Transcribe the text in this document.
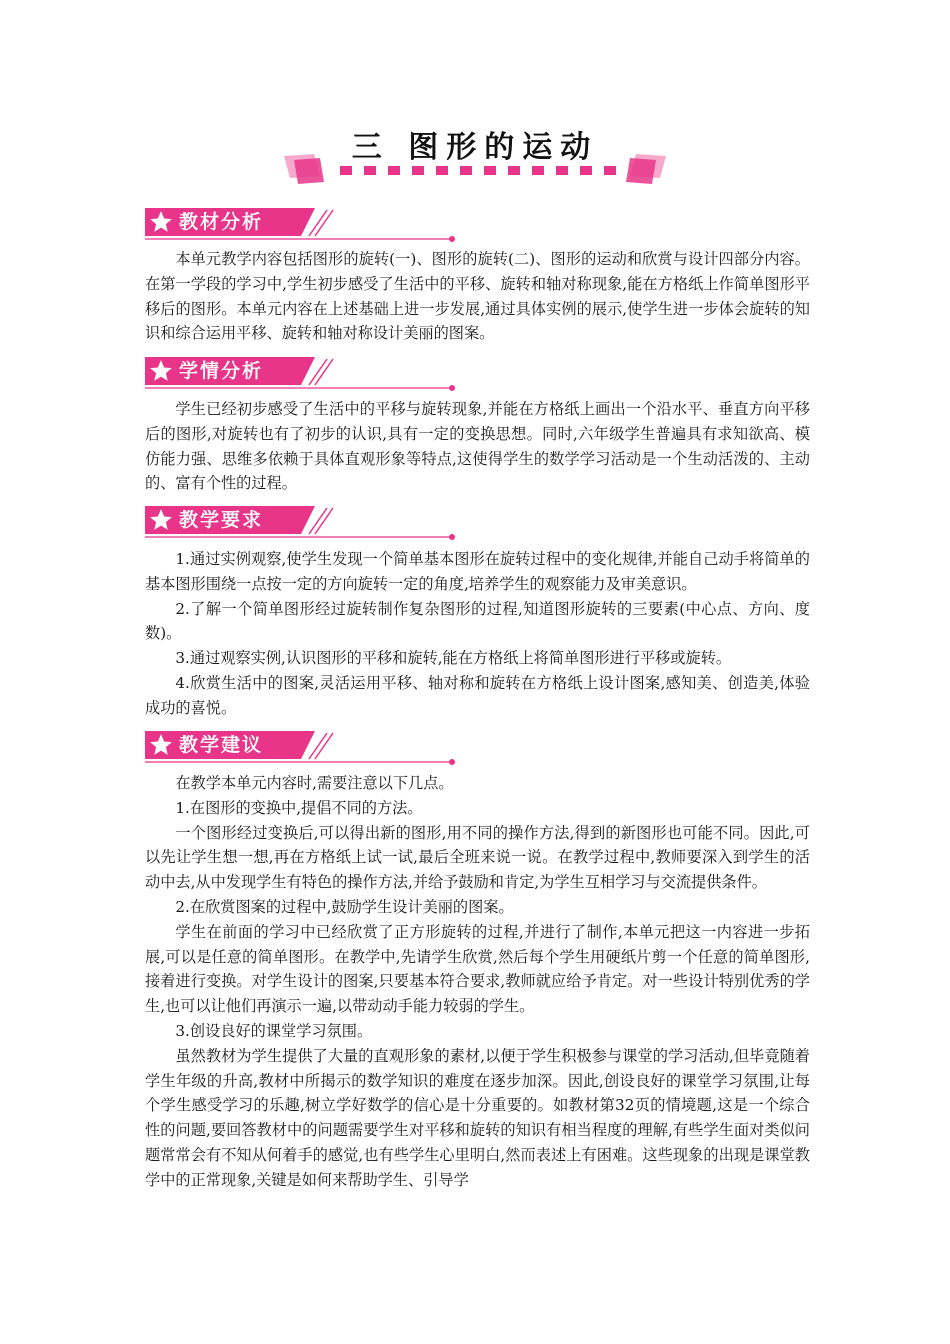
三 图形的运动
教材分析

本单元教学内容包括图形的旋转(一)、图形的旋转(二)、图形的运动和欣赏与设计四部分内容。在第一学段的学习中,学生初步感受了生活中的平移、旋转和轴对称现象,能在方格纸上作简单图形平移后的图形。本单元内容在上述基础上进一步发展,通过具体实例的展示,使学生进一步体会旋转的知识和综合运用平移、旋转和轴对称设计美丽的图案。

学情分析

学生已经初步感受了生活中的平移与旋转现象,并能在方格纸上画出一个沿水平、垂直方向平移后的图形,对旋转也有了初步的认识,具有一定的变换思想。同时,六年级学生普遍具有求知欲高、模仿能力强、思维多依赖于具体直观形象等特点,这使得学生的数学学习活动是一个生动活泼的、主动的、富有个性的过程。

教学要求

1.通过实例观察,使学生发现一个简单基本图形在旋转过程中的变化规律,并能自己动手将简单的基本图形围绕一点按一定的方向旋转一定的角度,培养学生的观察能力及审美意识。

2.了解一个简单图形经过旋转制作复杂图形的过程,知道图形旋转的三要素(中心点、方向、度数)。

3.通过观察实例,认识图形的平移和旋转,能在方格纸上将简单图形进行平移或旋转。

4.欣赏生活中的图案,灵活运用平移、轴对称和旋转在方格纸上设计图案,感知美、创造美,体验成功的喜悦。

教学建议

在教学本单元内容时,需要注意以下几点。

1.在图形的变换中,提倡不同的方法。

一个图形经过变换后,可以得出新的图形,用不同的操作方法,得到的新图形也可能不同。因此,可以先让学生想一想,再在方格纸上试一试,最后全班来说一说。在教学过程中,教师要深入到学生的活动中去,从中发现学生有特色的操作方法,并给予鼓励和肯定,为学生互相学习与交流提供条件。

2.在欣赏图案的过程中,鼓励学生设计美丽的图案。

学生在前面的学习中已经欣赏了正方形旋转的过程,并进行了制作,本单元把这一内容进一步拓展,可以是任意的简单图形。在教学中,先请学生欣赏,然后每个学生用硬纸片剪一个任意的简单图形,接着进行变换。对学生设计的图案,只要基本符合要求,教师就应给予肯定。对一些设计特别优秀的学生,也可以让他们再演示一遍,以带动动手能力较弱的学生。

3.创设良好的课堂学习氛围。

虽然教材为学生提供了大量的直观形象的素材,以便于学生积极参与课堂的学习活动,但毕竟随着学生年级的升高,教材中所揭示的数学知识的难度在逐步加深。因此,创设良好的课堂学习氛围,让每个学生感受学习的乐趣,树立学好数学的信心是十分重要的。如教材第32页的情境题,这是一个综合性的问题,要回答教材中的问题需要学生对平移和旋转的知识有相当程度的理解,有些学生面对类似问题常常会有不知从何着手的感觉,也有些学生心里明白,然而表述上有困难。这些现象的出现是课堂教学中的正常现象,关键是如何来帮助学生、引导学
